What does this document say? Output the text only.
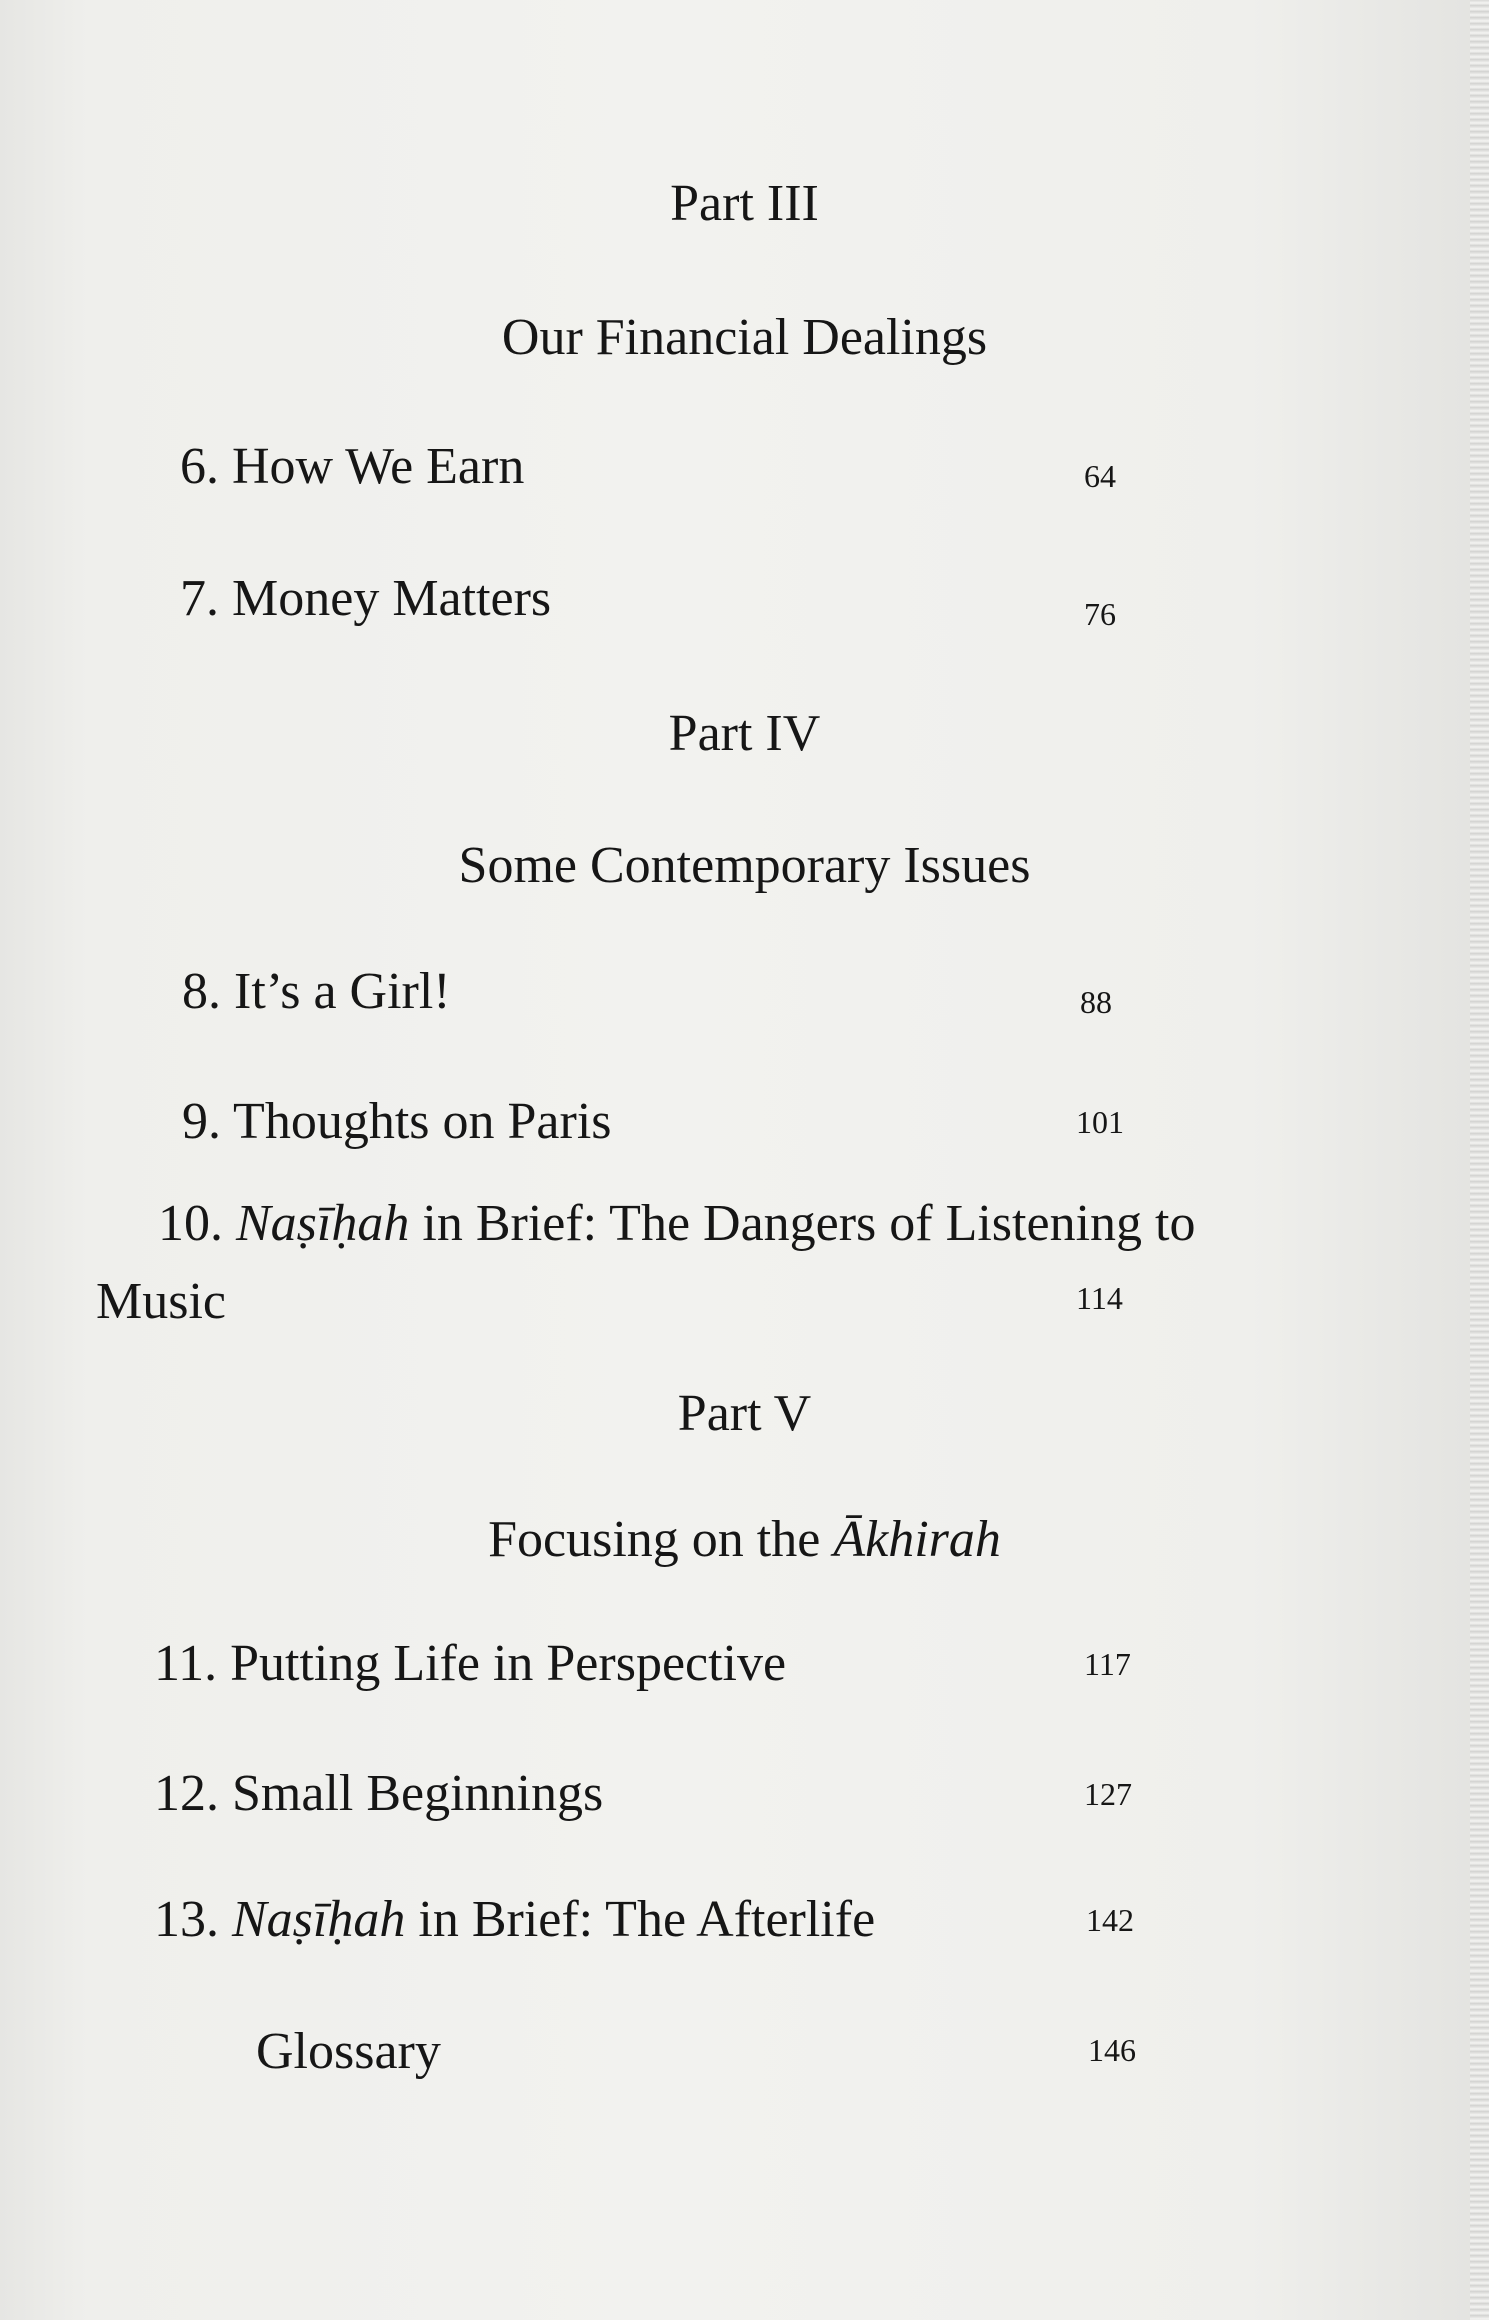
Part III
Our Financial Dealings
6. How We Earn	64
7. Money Matters	76
Part IV
Some Contemporary Issues
8. It’s a Girl!	88
9. Thoughts on Paris	101
10. Naṣīḥah in Brief: The Dangers of Listening to
Music	114
Part V
Focusing on the Ākhirah
11. Putting Life in Perspective	117
12. Small Beginnings	127
13. Naṣīḥah in Brief: The Afterlife	142
Glossary	146
